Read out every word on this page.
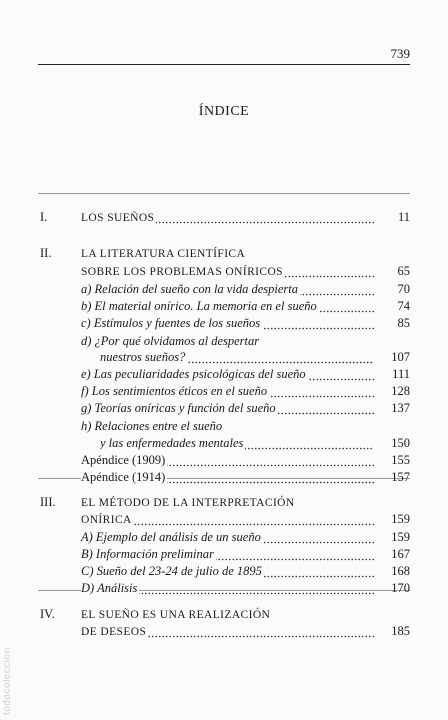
739
ÍNDICE
I.	LOS SUEÑOS	11
II.	LA LITERATURA CIENTÍFICA
SOBRE LOS PROBLEMAS ONÍRICOS	65
a) Relación del sueño con la vida despierta	70
b) El material onírico. La memoria en el sueño	74
c) Estímulos y fuentes de los sueños	85
d) ¿Por qué olvidamos al despertar
nuestros sueños?	107
e) Las peculiaridades psicológicas del sueño	111
f) Los sentimientos éticos en el sueño	128
g) Teorías oníricas y función del sueño	137
h) Relaciones entre el sueño
y las enfermedades mentales	150
Apéndice (1909)	155
Apéndice (1914)	157
III. EL MÉTODO DE LA INTERPRETACIÓN
ONÍRICA	159
A) Ejemplo del análisis de un sueño	159
B) Información preliminar	167
C) Sueño del 23-24 de julio de 1895	168
D) Análisis	170
IV. EL SUEÑO ES UNA REALIZACIÓN
DE DESEOS	185
todocoleccion
